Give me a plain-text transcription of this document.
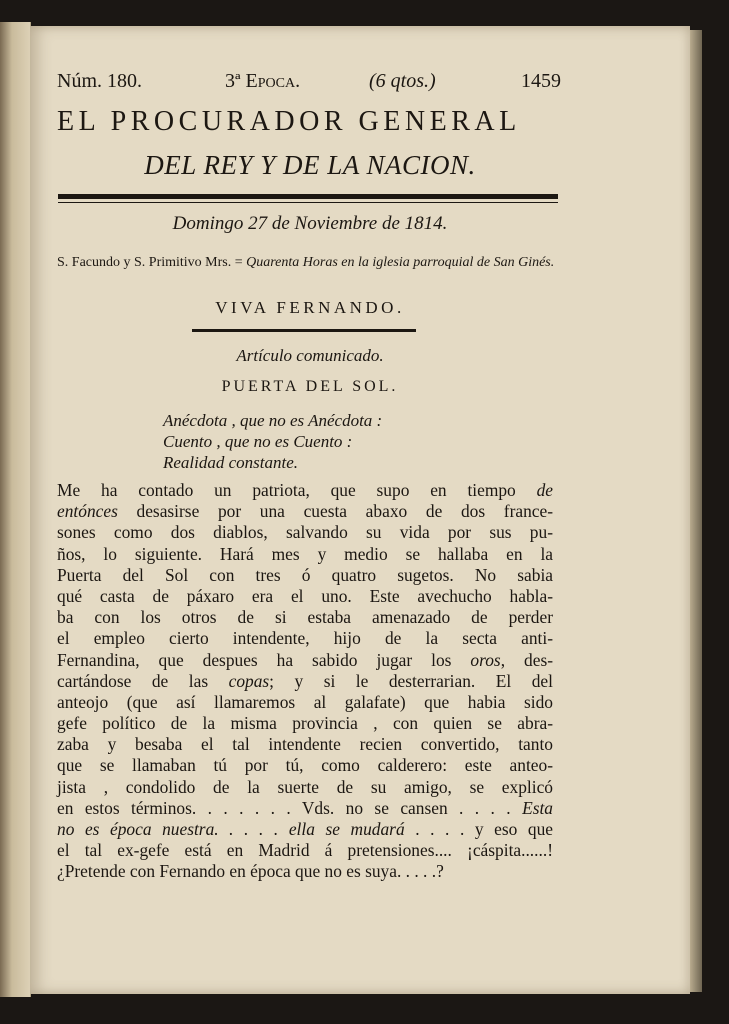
Núm. 180.	3ª Epoca.	(6 qtos.)	1459
EL PROCURADOR GENERAL
DEL REY Y DE LA NACION.
Domingo 27 de Noviembre de 1814.
S. Facundo y S. Primitivo Mrs. = Quarenta Horas en la iglesia parroquial de San Ginés.
VIVA FERNANDO.
Artículo comunicado.
PUERTA DEL SOL.
Anécdota , que no es Anécdota :
Cuento , que no es Cuento :
Realidad constante.
Me ha contado un patriota, que supo en tiempo de
entónces desasirse por una cuesta abaxo de dos france-
sones como dos diablos, salvando su vida por sus pu-
ños, lo siguiente. Hará mes y medio se hallaba en la
Puerta del Sol con tres ó quatro sugetos. No sabia
qué casta de páxaro era el uno. Este avechucho habla-
ba con los otros de si estaba amenazado de perder
el empleo cierto intendente, hijo de la secta anti-
Fernandina, que despues ha sabido jugar los oros, des-
cartándose de las copas; y si le desterrarian. El del
anteojo (que así llamaremos al galafate) que habia sido
gefe político de la misma provincia , con quien se abra-
zaba y besaba el tal intendente recien convertido, tanto
que se llamaban tú por tú, como calderero: este anteo-
jista , condolido de la suerte de su amigo, se explicó
en estos términos. . . . . . . Vds. no se cansen . . . . Esta
no es época nuestra. . . . . ella se mudará . . . . y eso que
el tal ex-gefe está en Madrid á pretensiones.... ¡cáspita......!
¿Pretende con Fernando en época que no es suya. . . . .?
